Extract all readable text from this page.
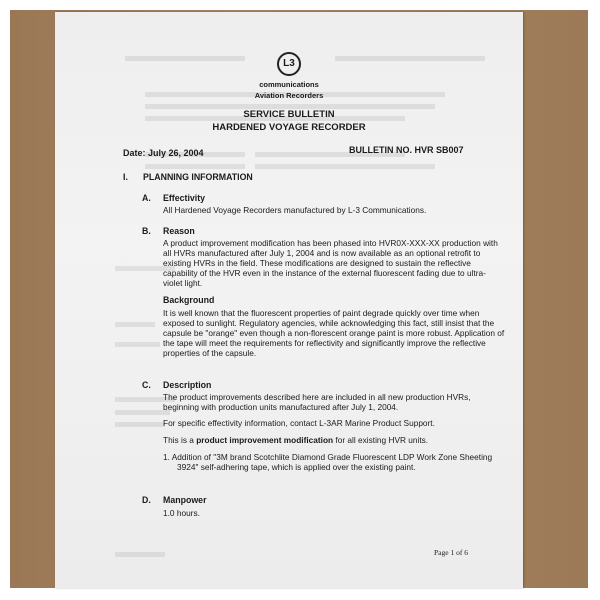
L3
communications
Aviation Recorders
SERVICE BULLETIN
HARDENED VOYAGE RECORDER
Date: July 26, 2004	BULLETIN NO. HVR SB007
I. PLANNING INFORMATION
A. Effectivity
All Hardened Voyage Recorders manufactured by L-3 Communications.
B. Reason
A product improvement modification has been phased into HVR0X-XXX-XX production with all HVRs manufactured after July 1, 2004 and is now available as an optional retrofit to existing HVRs in the field. These modifications are designed to sustain the reflective capability of the HVR even in the instance of the external fluorescent fading due to ultra-violet light.
Background
It is well known that the fluorescent properties of paint degrade quickly over time when exposed to sunlight. Regulatory agencies, while acknowledging this fact, still insist that the capsule be "orange" even though a non-florescent orange paint is more robust. Application of the tape will meet the requirements for reflectivity and significantly improve the reflective properties of the capsule.
C. Description
The product improvements described here are included in all new production HVRs, beginning with production units manufactured after July 1, 2004.
For specific effectivity information, contact L-3AR Marine Product Support.
This is a product improvement modification for all existing HVR units.
1. Addition of "3M brand Scotchlite Diamond Grade Fluorescent LDP Work Zone Sheeting 3924" self-adhering tape, which is applied over the existing paint.
D. Manpower
1.0 hours.
Page 1 of 6
